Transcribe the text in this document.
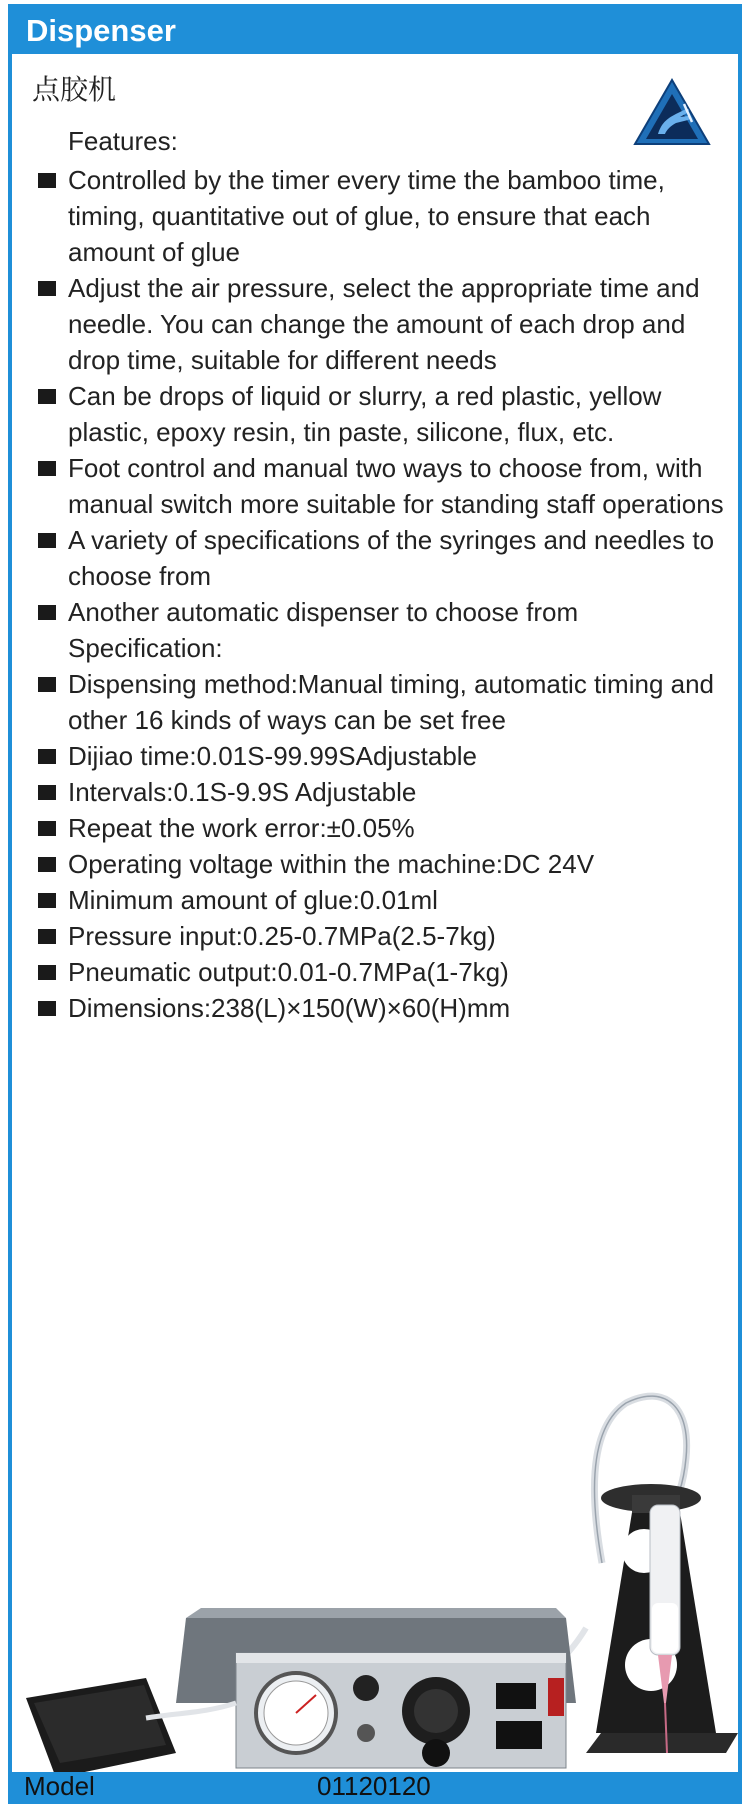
Dispenser
点胶机
Features:
Controlled by the timer every time the bamboo time, timing, quantitative out of glue, to ensure that each amount of glue
Adjust the air pressure, select the appropriate time and needle. You can change the amount of each drop and drop time, suitable for different needs
Can be drops of liquid or slurry, a red plastic, yellow plastic, epoxy resin, tin paste, silicone, flux, etc.
Foot control and manual two ways to choose from, with manual switch more suitable for standing staff operations
A variety of specifications of the syringes and needles to choose from
Another automatic dispenser to choose from
Specification:
Dispensing method:Manual timing, automatic timing and other 16 kinds of ways can be set free
Dijiao time:0.01S-99.99SAdjustable
Intervals:0.1S-9.9S Adjustable
Repeat the work error:±0.05%
Operating voltage within the machine:DC 24V
Minimum amount of glue:0.01ml
Pressure input:0.25-0.7MPa(2.5-7kg)
Pneumatic output:0.01-0.7MPa(1-7kg)
Dimensions:238(L)×150(W)×60(H)mm
Model	01120120
